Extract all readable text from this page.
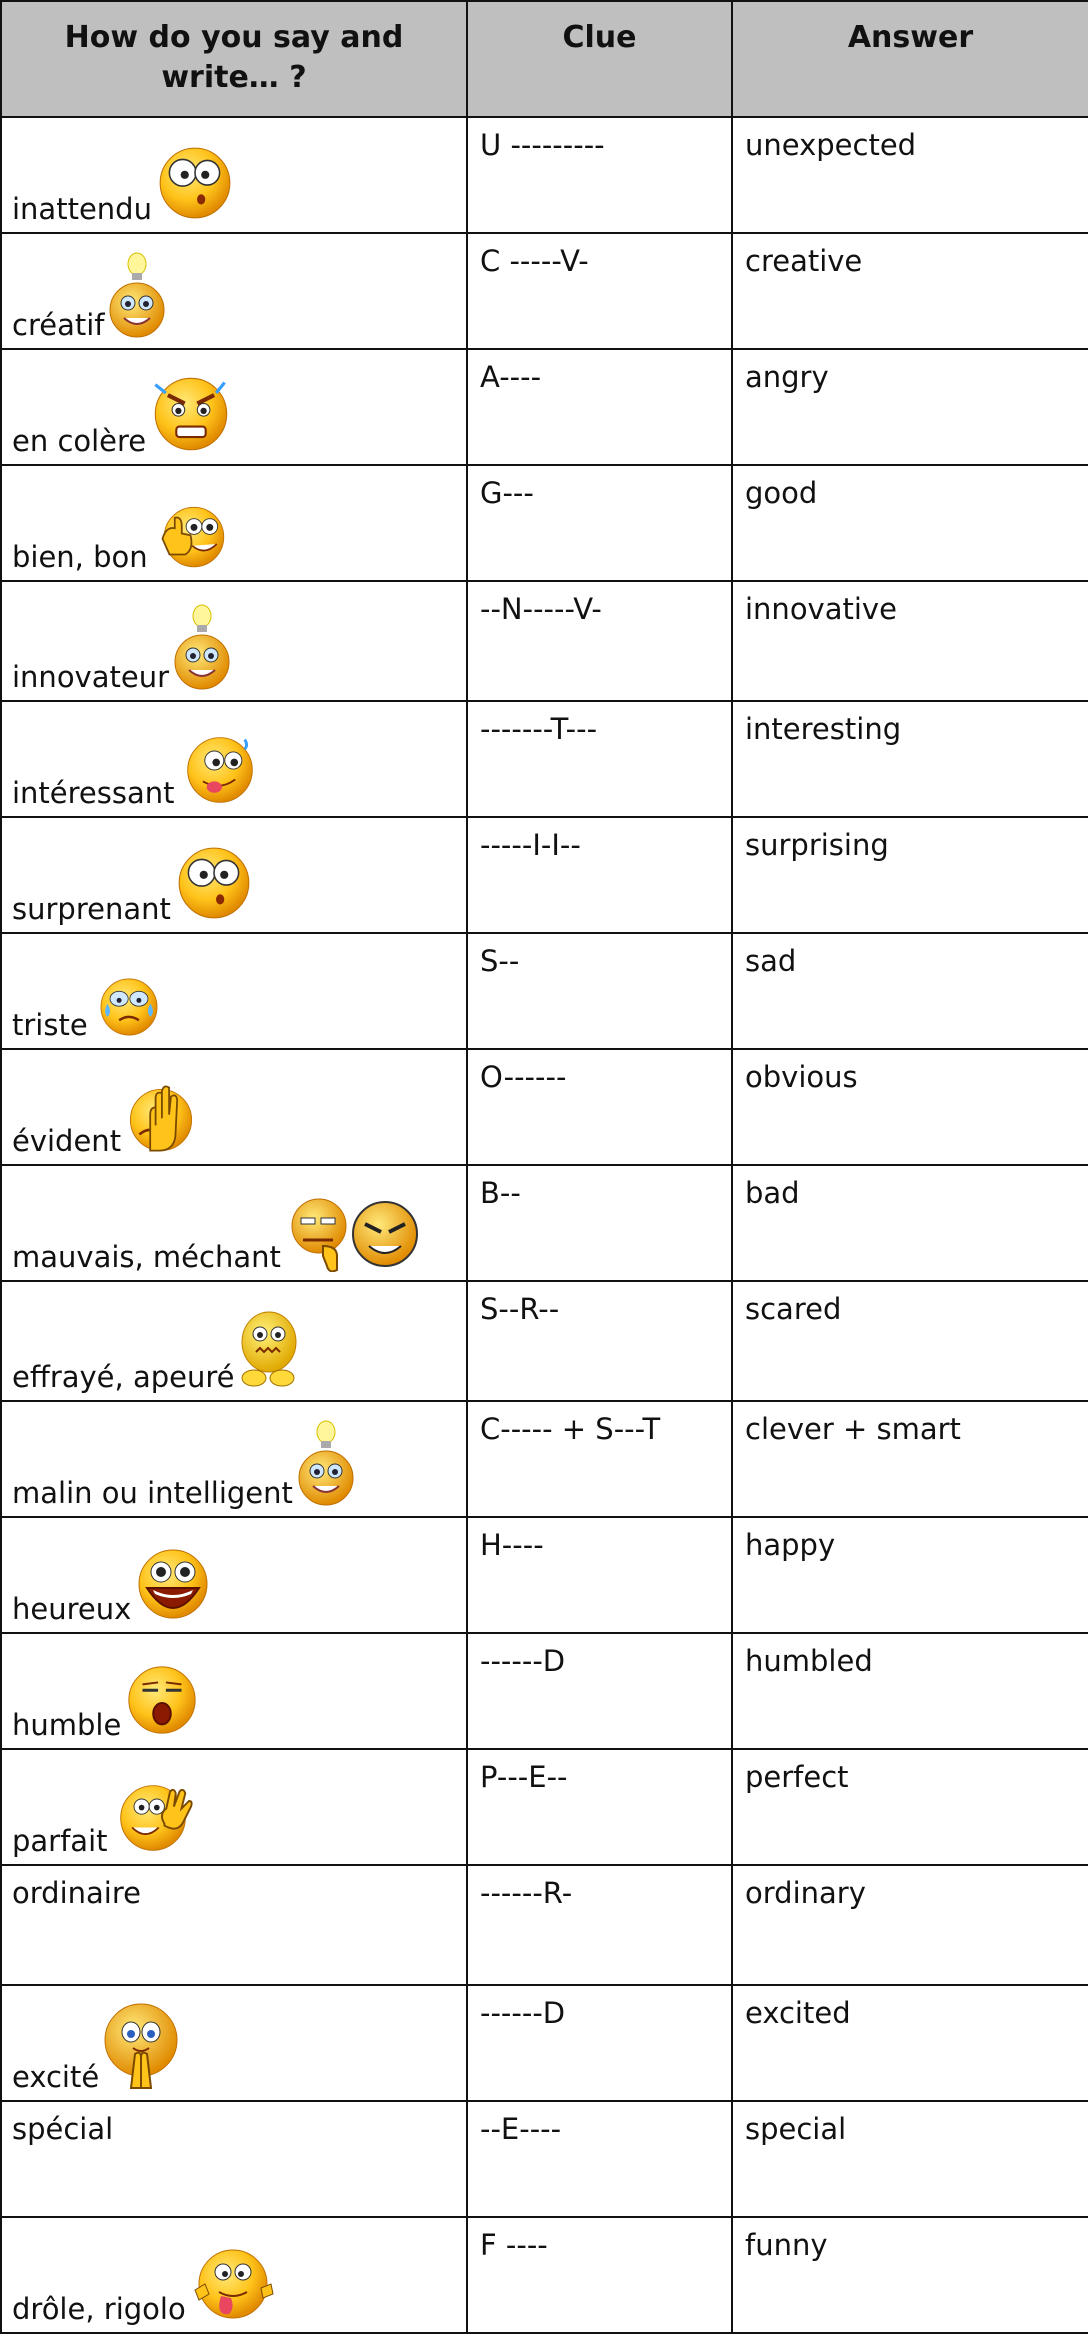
How do you say and write… ?	Clue	Answer

inattendu	U ---------	unexpected

créatif	C -----V-	creative

en colère	A----	angry

bien, bon	G---	good

innovateur	--N-----V-	innovative

intéressant	-------T---	interesting

surprenant	-----I-I--	surprising

triste	S--	sad

évident	O------	obvious

mauvais, méchant	B--	bad

effrayé, apeuré	S--R--	scared

malin ou intelligent	C----- + S---T	clever + smart

heureux	H----	happy

humble	------D	humbled

parfait	P---E--	perfect

ordinaire	------R-	ordinary

excité	------D	excited

spécial	--E----	special

drôle, rigolo	F ----	funny
